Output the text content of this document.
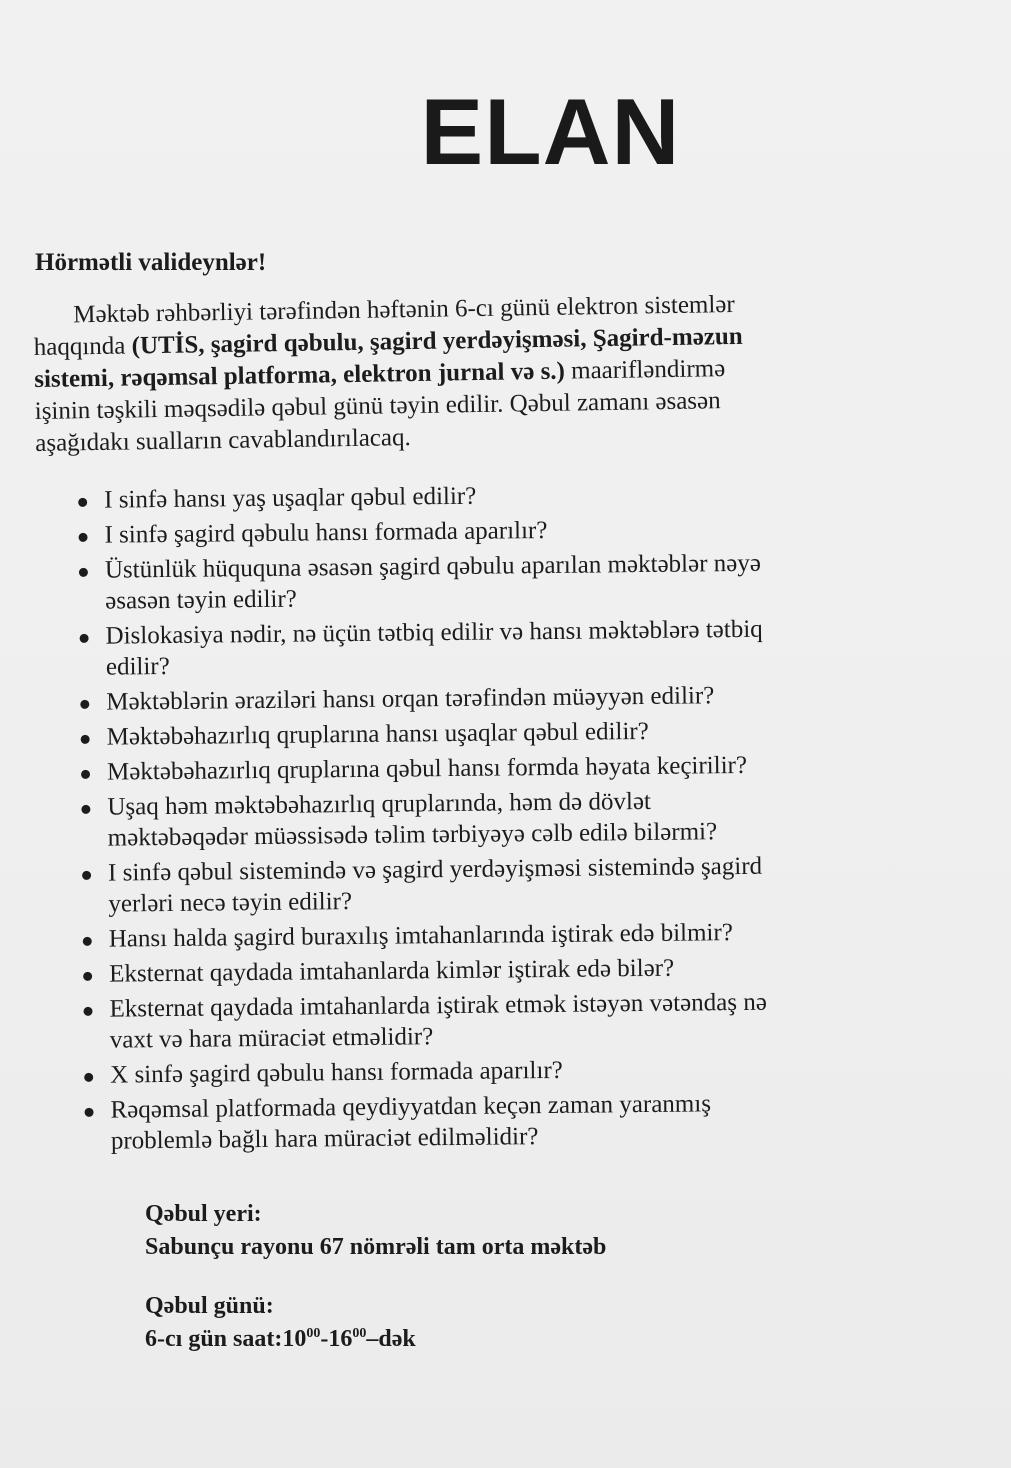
ELAN
Hörmətli valideynlər!
Məktəb rəhbərliyi tərəfindən həftənin 6-cı günü elektron sistemlər
haqqında (UTİS, şagird qəbulu, şagird yerdəyişməsi, Şagird-məzun
sistemi, rəqəmsal platforma, elektron jurnal və s.) maarifləndirmə
işinin təşkili məqsədilə qəbul günü təyin edilir. Qəbul zamanı əsasən
aşağıdakı sualların cavablandırılacaq.
I sinfə hansı yaş uşaqlar qəbul edilir?
I sinfə şagird qəbulu hansı formada aparılır?
Üstünlük hüququna əsasən şagird qəbulu aparılan məktəblər nəyə
əsasən təyin edilir?
Dislokasiya nədir, nə üçün tətbiq edilir və hansı məktəblərə tətbiq
edilir?
Məktəblərin əraziləri hansı orqan tərəfindən müəyyən edilir?
Məktəbəhazırlıq qruplarına hansı uşaqlar qəbul edilir?
Məktəbəhazırlıq qruplarına qəbul hansı formda həyata keçirilir?
Uşaq həm məktəbəhazırlıq qruplarında, həm də dövlət
məktəbəqədər müəssisədə təlim tərbiyəyə cəlb edilə bilərmi?
I sinfə qəbul sistemində və şagird yerdəyişməsi sistemində şagird
yerləri necə təyin edilir?
Hansı halda şagird buraxılış imtahanlarında iştirak edə bilmir?
Eksternat qaydada imtahanlarda kimlər iştirak edə bilər?
Eksternat qaydada imtahanlarda iştirak etmək istəyən vətəndaş nə
vaxt və hara müraciət etməlidir?
X sinfə şagird qəbulu hansı formada aparılır?
Rəqəmsal platformada qeydiyyatdan keçən zaman yaranmış
problemlə bağlı hara müraciət edilməlidir?
Qəbul yeri:
Sabunçu rayonu 67 nömrəli tam orta məktəb
Qəbul günü:
6-cı gün $saat:10^{00}-16^{00}$–dək
